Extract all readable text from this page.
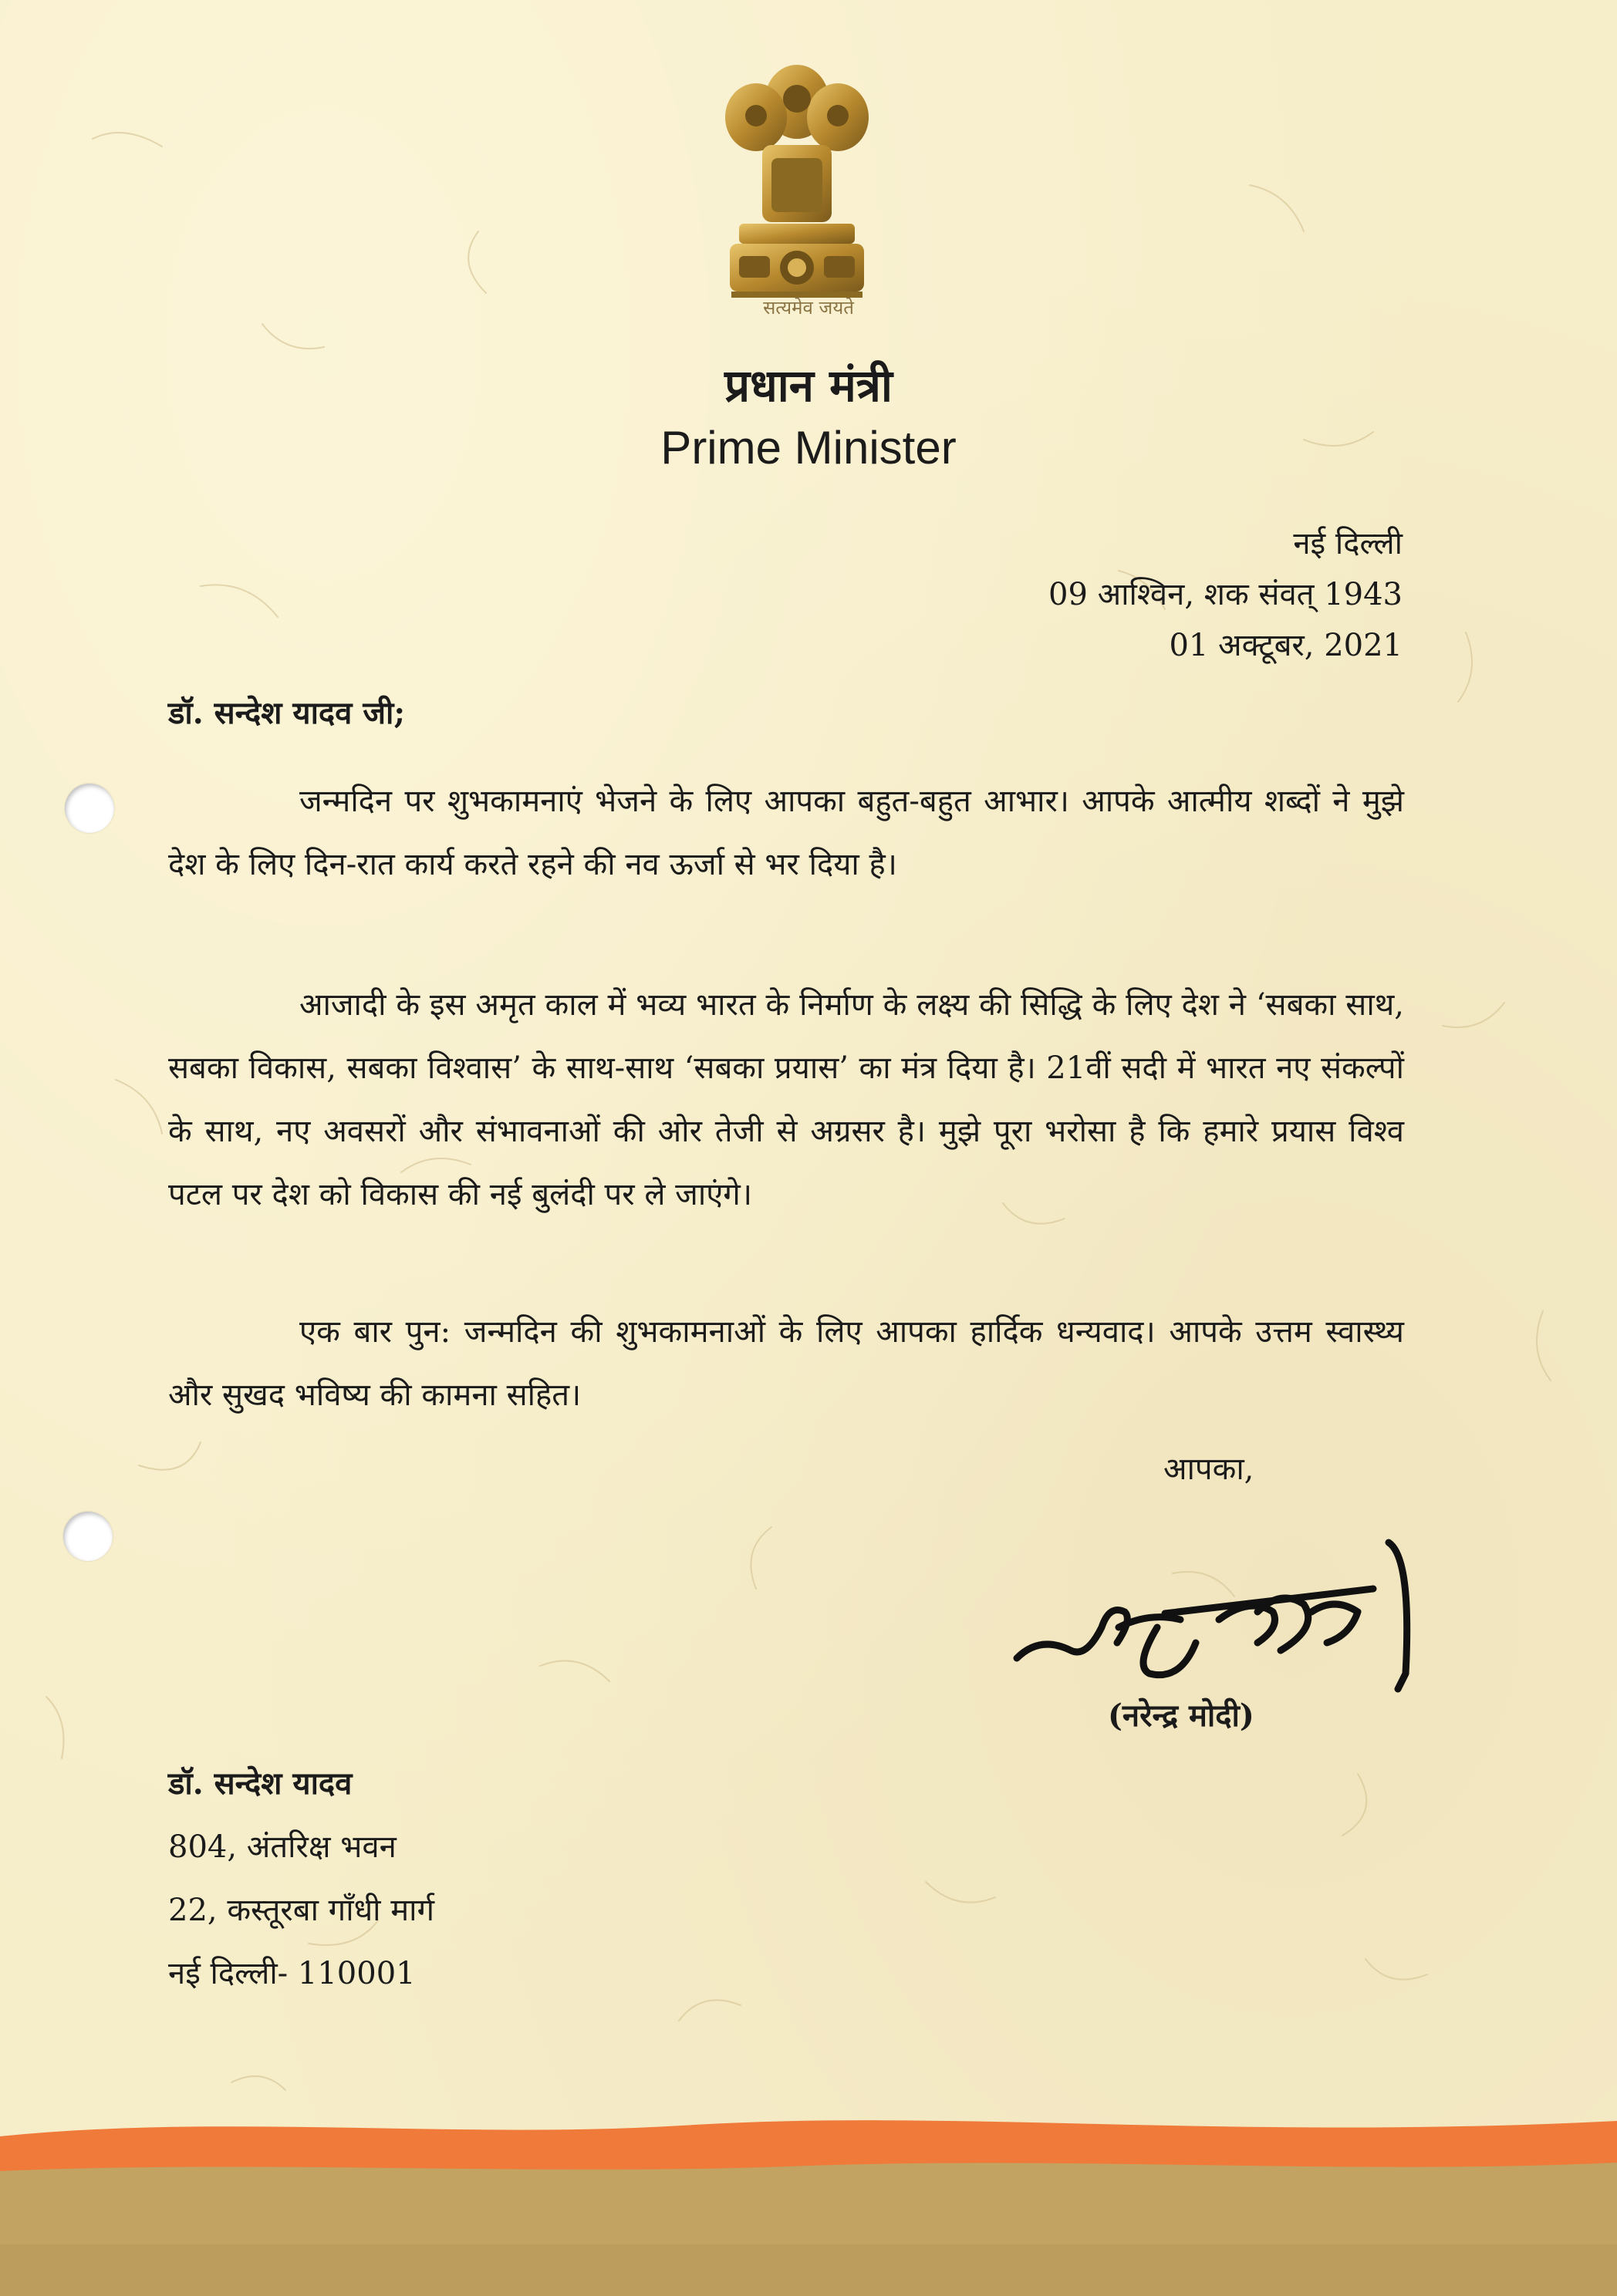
सत्यमेव जयते
प्रधान मंत्री
Prime Minister
नई दिल्ली
09 आश्विन, शक संवत् 1943
01 अक्टूबर, 2021
डॉ. सन्देश यादव जी;

जन्मदिन पर शुभकामनाएं भेजने के लिए आपका बहुत-बहुत आभार। आपके आत्मीय शब्दों ने मुझे देश के लिए दिन-रात कार्य करते रहने की नव ऊर्जा से भर दिया है।

आजादी के इस अमृत काल में भव्य भारत के निर्माण के लक्ष्य की सिद्धि के लिए देश ने ‘सबका साथ, सबका विकास, सबका विश्वास’ के साथ-साथ ‘सबका प्रयास’ का मंत्र दिया है। 21वीं सदी में भारत नए संकल्पों के साथ, नए अवसरों और संभावनाओं की ओर तेजी से अग्रसर है। मुझे पूरा भरोसा है कि हमारे प्रयास विश्व पटल पर देश को विकास की नई बुलंदी पर ले जाएंगे।

एक बार पुन: जन्मदिन की शुभकामनाओं के लिए आपका हार्दिक धन्यवाद। आपके उत्तम स्वास्थ्य और सुखद भविष्य की कामना सहित।

आपका,
(नरेन्द्र मोदी)
डॉ. सन्देश यादव
804, अंतरिक्ष भवन
22, कस्तूरबा गाँधी मार्ग
नई दिल्ली- 110001
